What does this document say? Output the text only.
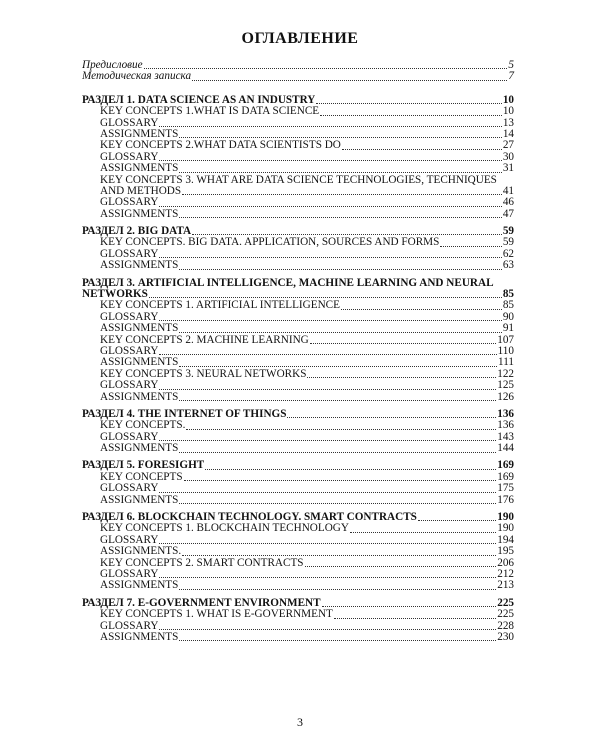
ОГЛАВЛЕНИЕ
Предисловие	5
Методическая записка	7
РАЗДЕЛ 1. DATA SCIENCE AS AN INDUSTRY	10
KEY CONCEPTS 1.WHAT IS DATA SCIENCE	10
GLOSSARY	13
ASSIGNMENTS	14
KEY CONCEPTS 2.WHAT DATA SCIENTISTS DO	27
GLOSSARY	30
ASSIGNMENTS	31
KEY CONCEPTS 3. WHAT ARE DATA SCIENCE TECHNOLOGIES, TECHNIQUES
AND METHODS	41
GLOSSARY	46
ASSIGNMENTS	47
РАЗДЕЛ 2. BIG DATA	59
KEY CONCEPTS. BIG DATA. APPLICATION, SOURCES AND FORMS	59
GLOSSARY	62
ASSIGNMENTS	63
РАЗДЕЛ 3. ARTIFICIAL INTELLIGENCE, MACHINE LEARNING AND NEURAL
NETWORKS	85
KEY CONCEPTS 1. ARTIFICIAL INTELLIGENCE	85
GLOSSARY	90
ASSIGNMENTS	91
KEY CONCEPTS 2. MACHINE LEARNING	107
GLOSSARY	110
ASSIGNMENTS	111
KEY CONCEPTS 3. NEURAL NETWORKS	122
GLOSSARY	125
ASSIGNMENTS	126
РАЗДЕЛ 4. THE INTERNET OF THINGS	136
KEY CONCEPTS.	136
GLOSSARY	143
ASSIGNMENTS	144
РАЗДЕЛ 5. FORESIGHT	169
KEY CONCEPTS	169
GLOSSARY	175
ASSIGNMENTS	176
РАЗДЕЛ 6. BLOCKCHAIN TECHNOLOGY. SMART CONTRACTS	190
KEY CONCEPTS 1. BLOCKCHAIN TECHNOLOGY	190
GLOSSARY	194
ASSIGNMENTS.	195
KEY CONCEPTS 2. SMART CONTRACTS	206
GLOSSARY	212
ASSIGNMENTS	213
РАЗДЕЛ 7. E-GOVERNMENT ENVIRONMENT	225
KEY CONCEPTS 1. WHAT IS E-GOVERNMENT	225
GLOSSARY	228
ASSIGNMENTS	230
3
